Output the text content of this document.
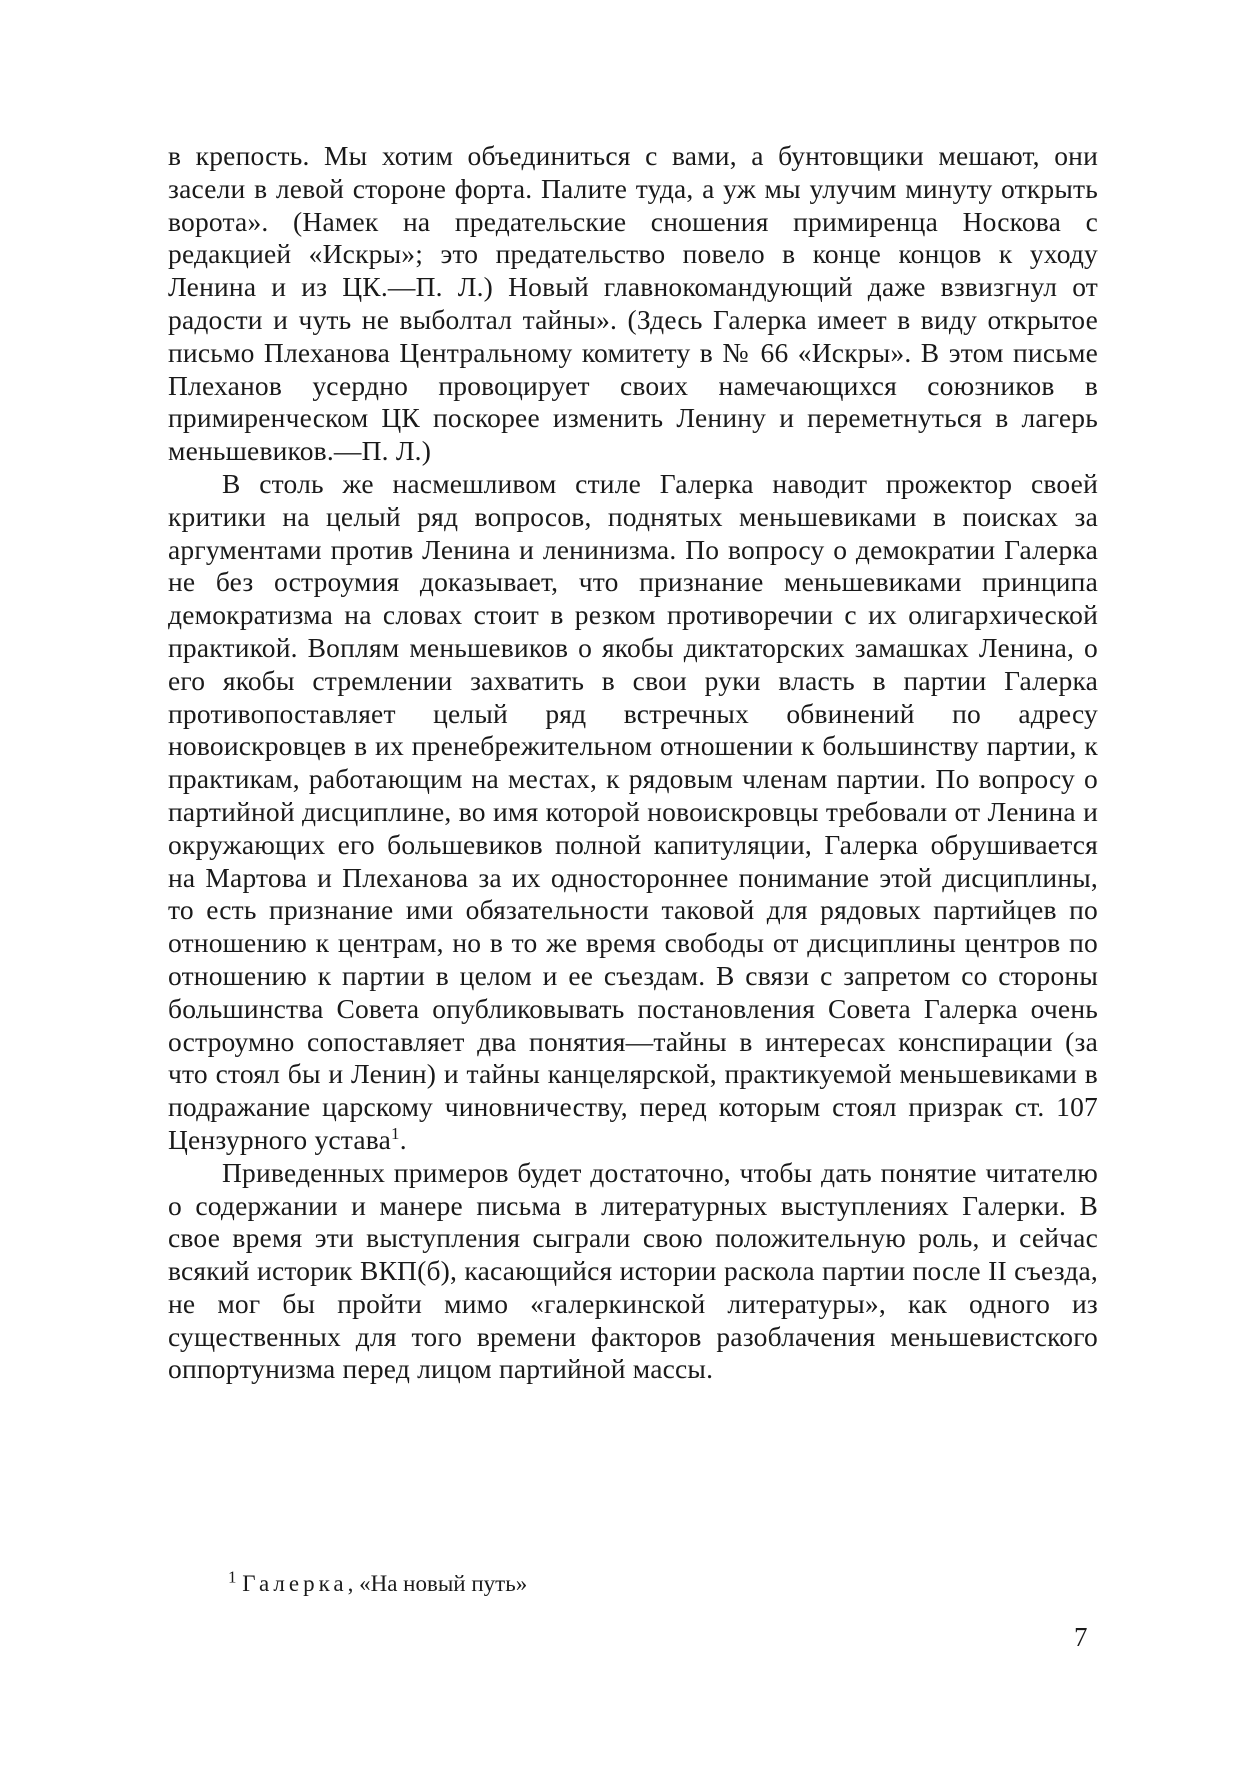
в крепость. Мы хотим объединиться с вами, а бунтовщики мешают, они засели в левой стороне форта. Палите туда, а уж мы улучим минуту открыть ворота». (Намек на предательские сношения примиренца Носкова с редакцией «Искры»; это предательство повело в конце концов к уходу Ленина и из ЦК.—П. Л.) Новый главнокомандующий даже взвизгнул от радости и чуть не выболтал тайны». (Здесь Галерка имеет в виду открытое письмо Плеханова Центральному комитету в № 66 «Искры». В этом письме Плеханов усердно провоцирует своих намечающихся союзников в примиренческом ЦК поскорее изменить Ленину и переметнуться в лагерь меньшевиков.—П. Л.)

В столь же насмешливом стиле Галерка наводит прожектор своей критики на целый ряд вопросов, поднятых меньшевиками в поисках за аргументами против Ленина и ленинизма. По вопросу о демократии Галерка не без остроумия доказывает, что признание меньшевиками принципа демократизма на словах стоит в резком противоречии с их олигархической практикой. Воплям меньшевиков о якобы диктаторских замашках Ленина, о его якобы стремлении захватить в свои руки власть в партии Галерка противопоставляет целый ряд встречных обвинений по адресу новоискровцев в их пренебрежительном отношении к большинству партии, к практикам, работающим на местах, к рядовым членам партии. По вопросу о партийной дисциплине, во имя которой новоискровцы требовали от Ленина и окружающих его большевиков полной капитуляции, Галерка обрушивается на Мартова и Плеханова за их одностороннее понимание этой дисциплины, то есть признание ими обязательности таковой для рядовых партийцев по отношению к центрам, но в то же время свободы от дисциплины центров по отношению к партии в целом и ее съездам. В связи с запретом со стороны большинства Совета опубликовывать постановления Совета Галерка очень остроумно сопоставляет два понятия—тайны в интересах конспирации (за что стоял бы и Ленин) и тайны канцелярской, практикуемой меньшевиками в подражание царскому чиновничеству, перед которым стоял призрак ст. 107 Цензурного устава$^1$.

Приведенных примеров будет достаточно, чтобы дать понятие читателю о содержании и манере письма в литературных выступлениях Галерки. В свое время эти выступления сыграли свою положительную роль, и сейчас всякий историк ВКП(б), касающийся истории раскола партии после II съезда, не мог бы пройти мимо «галеркинской литературы», как одного из существенных для того времени факторов разоблачения меньшевистского оппортунизма перед лицом партийной массы.

$^1$ Галерка, «На новый путь»

7
